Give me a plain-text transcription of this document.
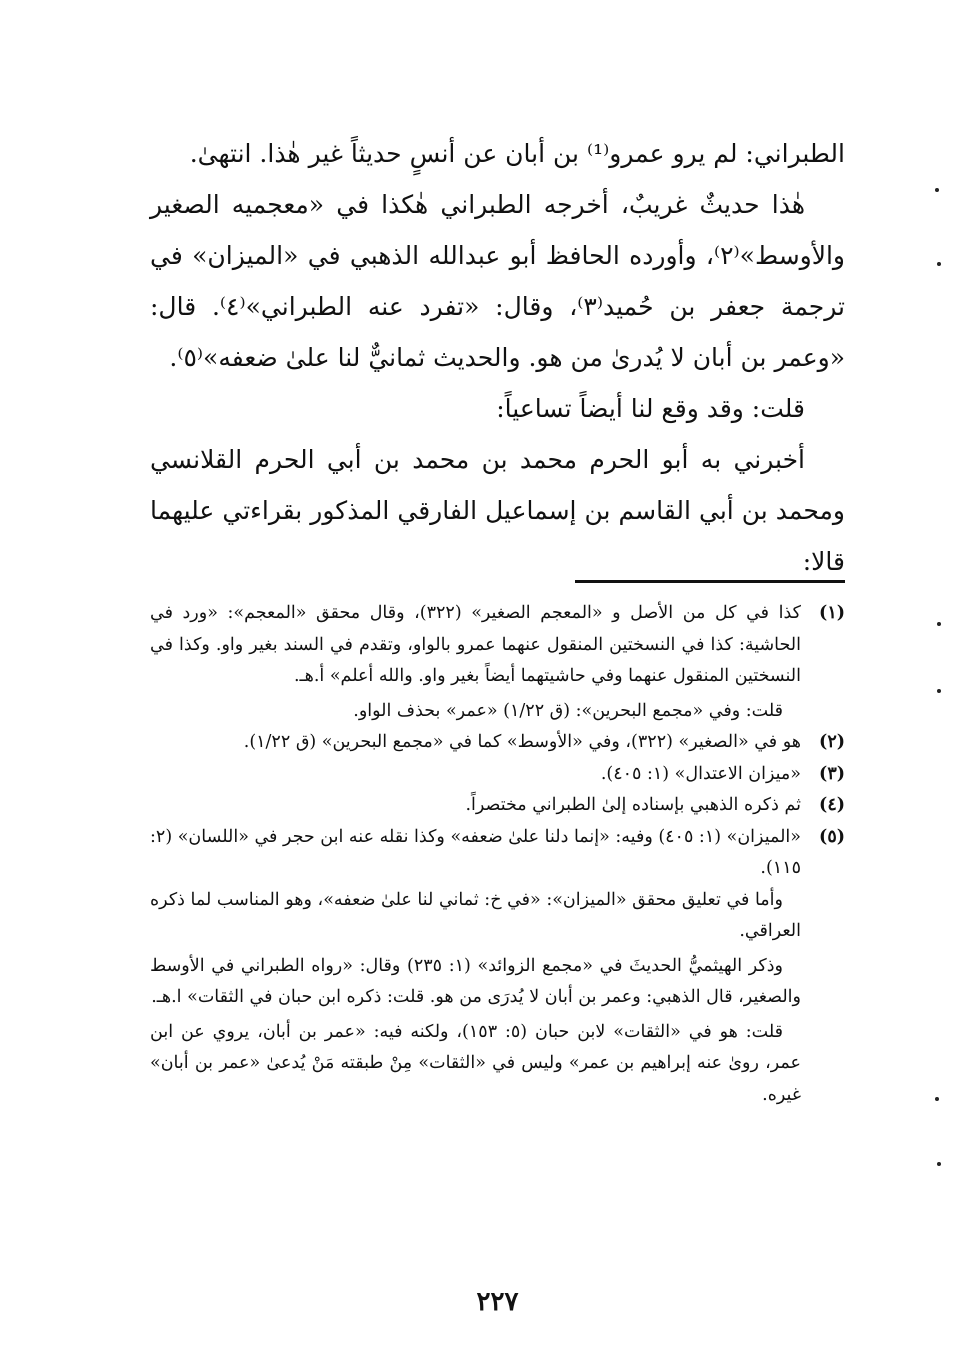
الطبراني: لم يرو عمرو⁽¹⁾ بن أبان عن أنسٍ حديثاً غير هٰذا. انتهىٰ.

هٰذا حديثٌ غريبٌ، أخرجه الطبراني هٰكذا في «معجميه الصغير والأوسط»⁽٢⁾، وأورده الحافظ أبو عبدالله الذهبي في «الميزان» في ترجمة جعفر بن حُميد⁽٣⁾، وقال: «تفرد عنه الطبراني»⁽٤⁾. قال: «وعمر بن أبان لا يُدرىٰ من هو. والحديث ثمانيٌّ لنا علىٰ ضعفه»⁽٥⁾.

قلت: وقد وقع لنا أيضاً تساعياً:

أخبرني به أبو الحرم محمد بن محمد بن أبي الحرم القلانسي ومحمد بن أبي القاسم بن إسماعيل الفارقي المذكور بقراءتي عليهما قالا:

(١)

كذا في كل من الأصل و «المعجم الصغير» (٣٢٢)، وقال محقق «المعجم»: «ورد في الحاشية: كذا في النسختين المنقول عنهما عمرو بالواو، وتقدم في السند بغير واو. وكذا في النسختين المنقول عنهما وفي حاشيتهما أيضاً بغير واو. والله أعلم» أ.هـ.

قلت: وفي «مجمع البحرين»: (ق ١/٢٢) «عمر» بحذف الواو.

(٢)

هو في «الصغير» (٣٢٢)، وفي «الأوسط» كما في «مجمع البحرين» (ق ١/٢٢).

(٣)

«ميزان الاعتدال» (١: ٤٠٥).

(٤)

ثم ذكره الذهبي بإسناده إلىٰ الطبراني مختصراً.

(٥)

«الميزان» (١: ٤٠٥) وفيه: «إنما دلنا علىٰ ضعفه» وكذا نقله عنه ابن حجر في «اللسان» (٢: ١١٥).

وأما في تعليق محقق «الميزان»: «في خ: ثماني لنا علىٰ ضعفه»، وهو المناسب لما ذكره العراقي.

وذكر الهيثميُّ الحديثَ في «مجمع الزوائد» (١: ٢٣٥) وقال: «رواه الطبراني في الأوسط والصغير، قال الذهبي: وعمر بن أبان لا يُدرَى من هو. قلت: ذكره ابن حبان في الثقات» ا.هـ.

قلت: هو في «الثقات» لابن حبان (٥: ١٥٣)، ولكنه فيه: «عمر بن أبان، يروي عن ابن عمر، روىٰ عنه إبراهيم بن عمر» وليس في «الثقات» مِنْ طبقته مَنْ يُدعىٰ «عمر بن أبان» غيره.

٢٢٧
